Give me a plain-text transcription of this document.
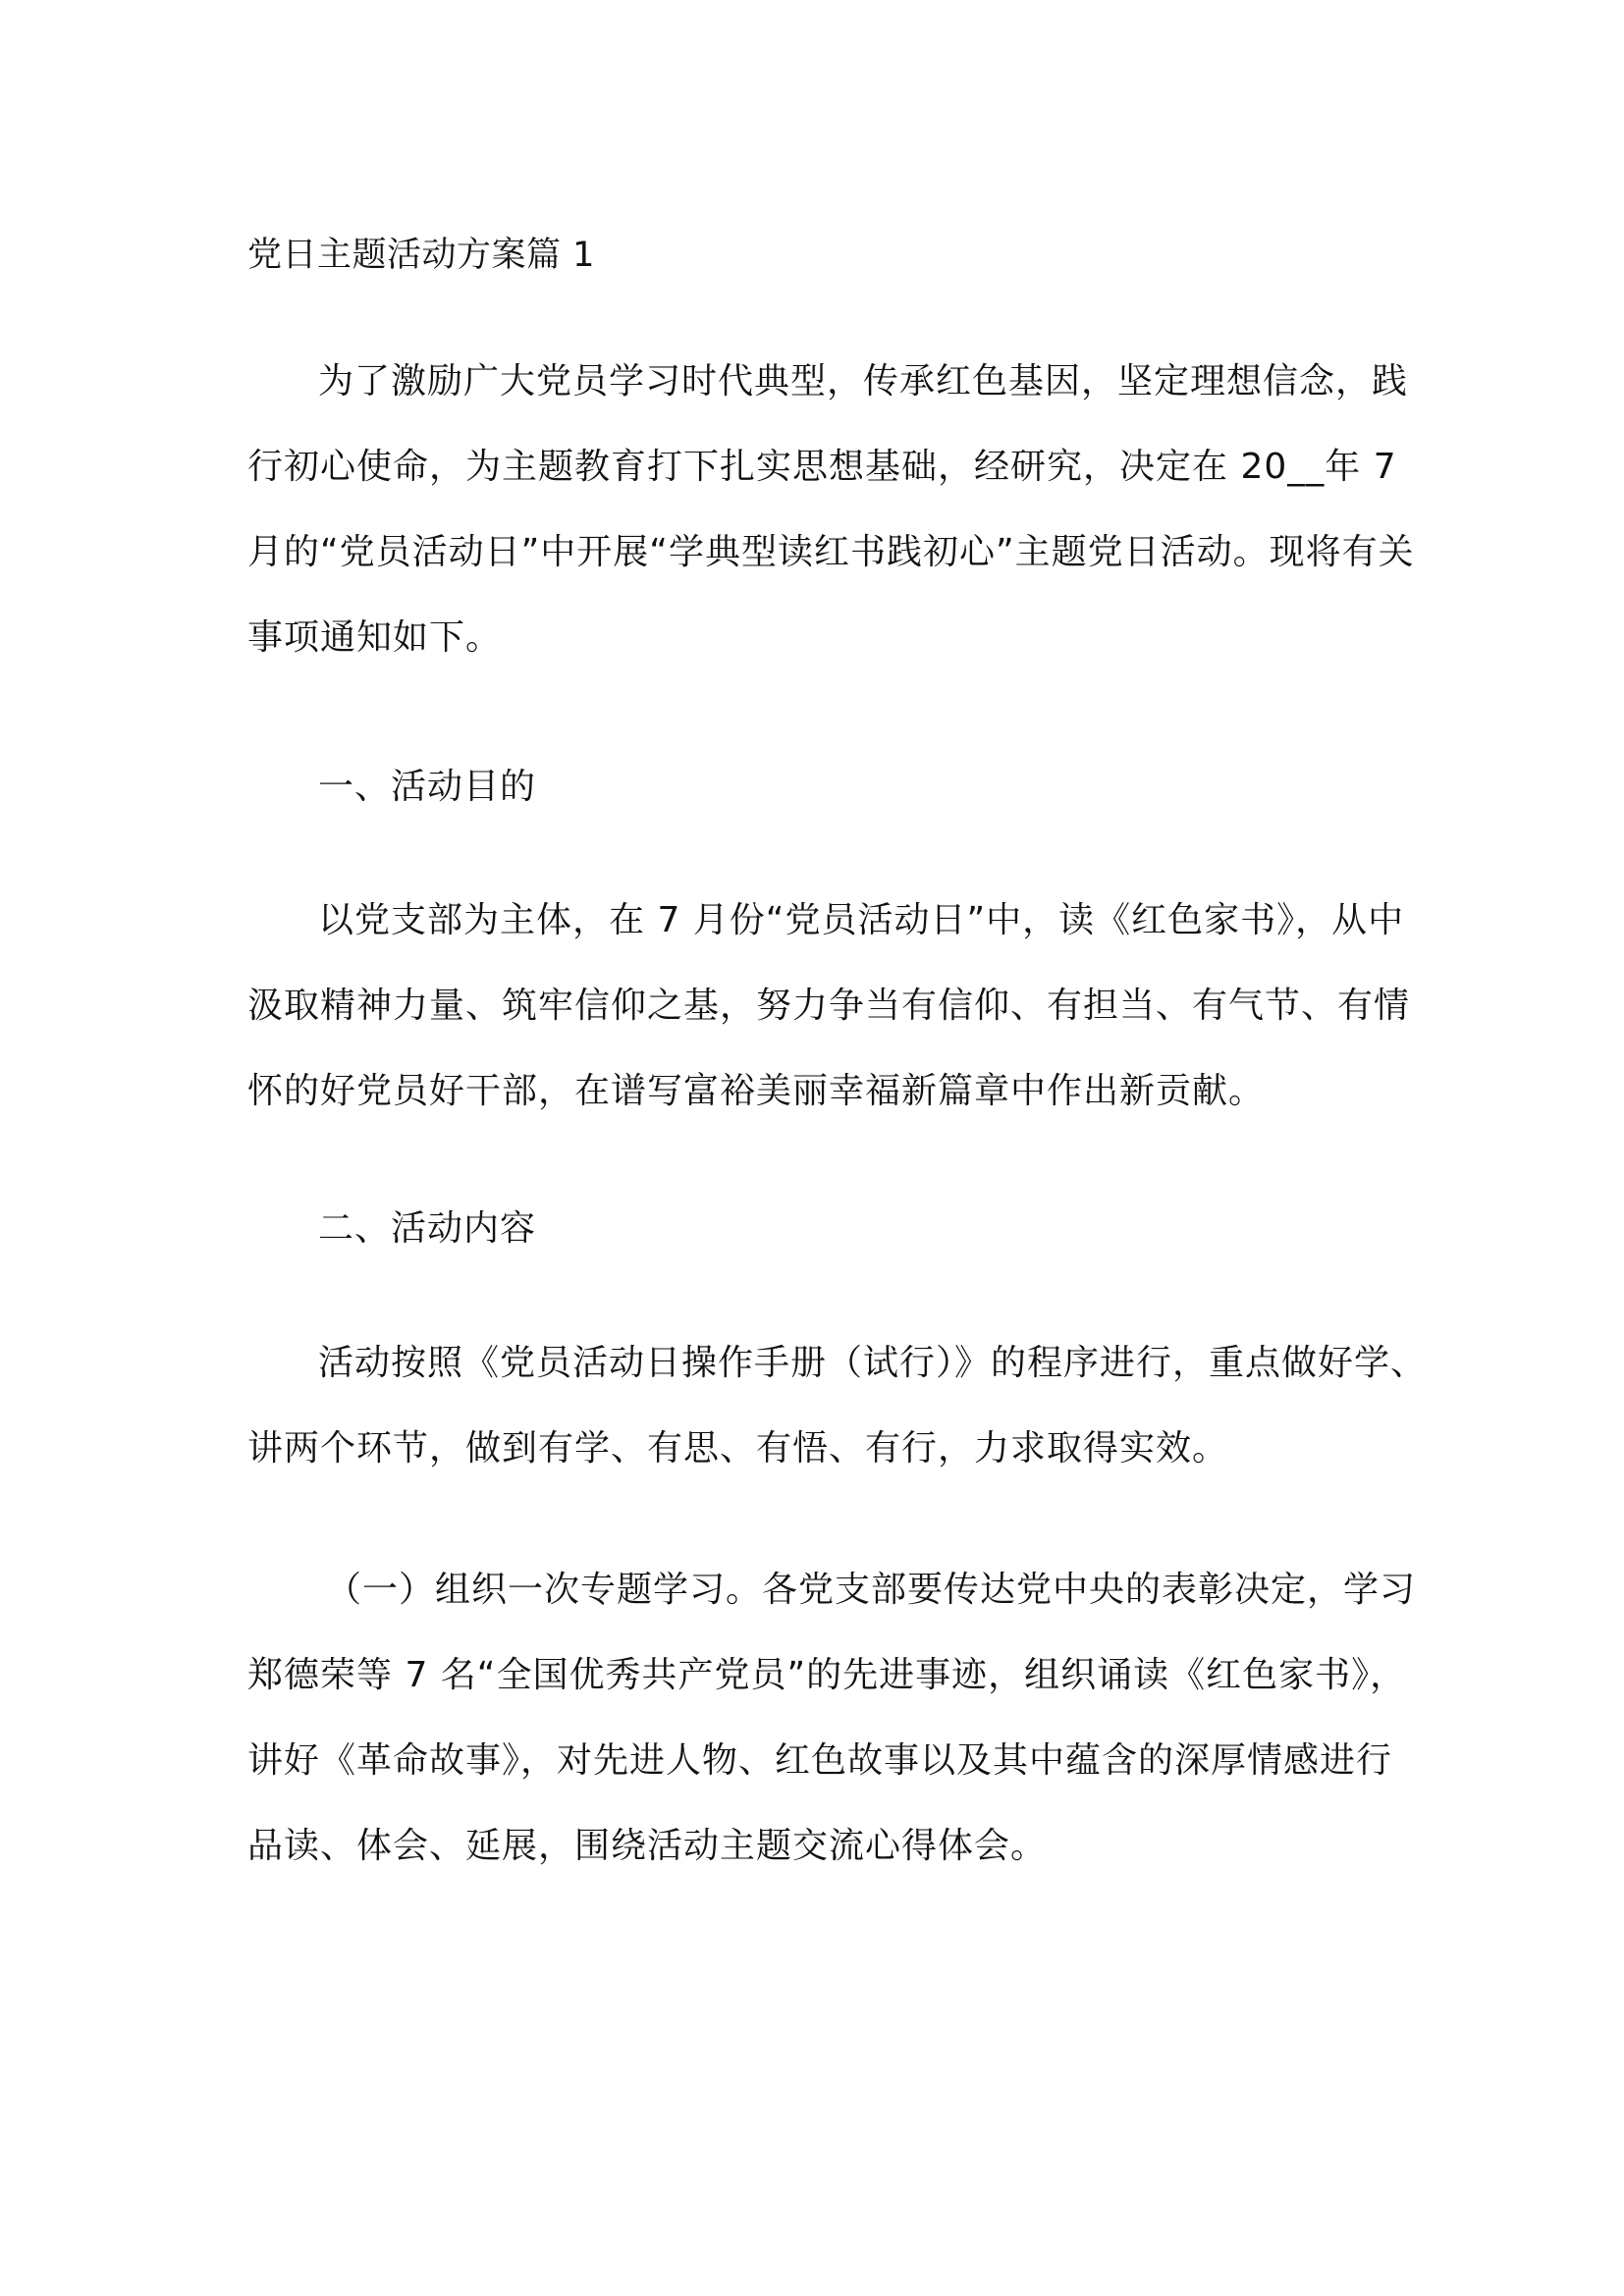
党日主题活动方案篇 1
为了激励广大党员学习时代典型，传承红色基因，坚定理想信念，践
行初心使命，为主题教育打下扎实思想基础，经研究，决定在 20__年 7
月的“党员活动日”中开展“学典型读红书践初心”主题党日活动。现将有关
事项通知如下。
一、活动目的
以党支部为主体，在 7 月份“党员活动日”中，读《红色家书》，从中
汲取精神力量、筑牢信仰之基，努力争当有信仰、有担当、有气节、有情
怀的好党员好干部，在谱写富裕美丽幸福新篇章中作出新贡献。
二、活动内容
活动按照《党员活动日操作手册（试行）》的程序进行，重点做好学、
讲两个环节，做到有学、有思、有悟、有行，力求取得实效。
（一）组织一次专题学习。各党支部要传达党中央的表彰决定，学习
郑德荣等 7 名“全国优秀共产党员”的先进事迹，组织诵读《红色家书》，
讲好《革命故事》，对先进人物、红色故事以及其中蕴含的深厚情感进行
品读、体会、延展，围绕活动主题交流心得体会。
